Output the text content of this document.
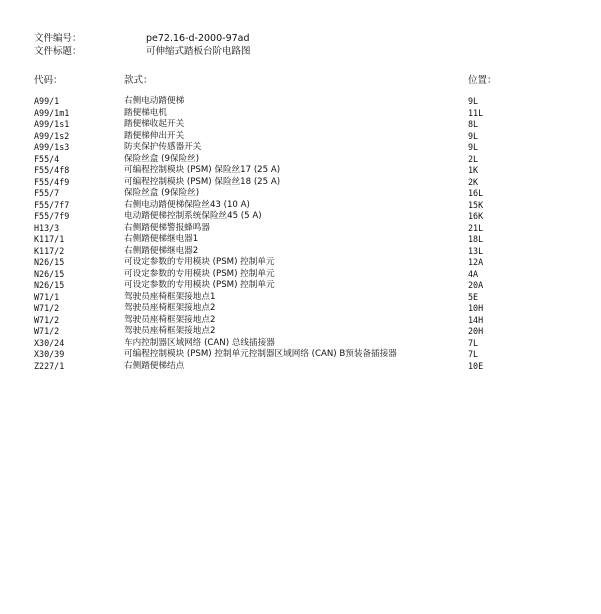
文件编号：	pe72.16-d-2000-97ad
文件标题：	可伸缩式踏板台阶电路图
代码：	款式：	位置：
A99/1	右侧电动踏便梯	9L
A99/1m1	踏便梯电机	11L
A99/1s1	踏便梯收起开关	8L
A99/1s2	踏便梯伸出开关	9L
A99/1s3	防夹保护传感器开关	9L
F55/4	保险丝盒 (9保险丝)	2L
F55/4f8	可编程控制模块 (PSM) 保险丝17 (25 A)	1K
F55/4f9	可编程控制模块 (PSM) 保险丝18 (25 A)	2K
F55/7	保险丝盒 (9保险丝)	16L
F55/7f7	右侧电动踏便梯保险丝43 (10 A)	15K
F55/7f9	电动踏便梯控制系统保险丝45 (5 A)	16K
H13/3	右侧踏便梯警报蜂鸣器	21L
K117/1	右侧踏便梯继电器1	18L
K117/2	右侧踏便梯继电器2	13L
N26/15	可设定参数的专用模块 (PSM) 控制单元	12A
N26/15	可设定参数的专用模块 (PSM) 控制单元	4A
N26/15	可设定参数的专用模块 (PSM) 控制单元	20A
W71/1	驾驶员座椅框架接地点1	5E
W71/2	驾驶员座椅框架接地点2	10H
W71/2	驾驶员座椅框架接地点2	14H
W71/2	驾驶员座椅框架接地点2	20H
X30/24	车内控制器区域网络 (CAN) 总线插接器	7L
X30/39	可编程控制模块 (PSM) 控制单元控制器区域网络 (CAN) B预装备插接器	7L
Z227/1	右侧踏便梯结点	10E
